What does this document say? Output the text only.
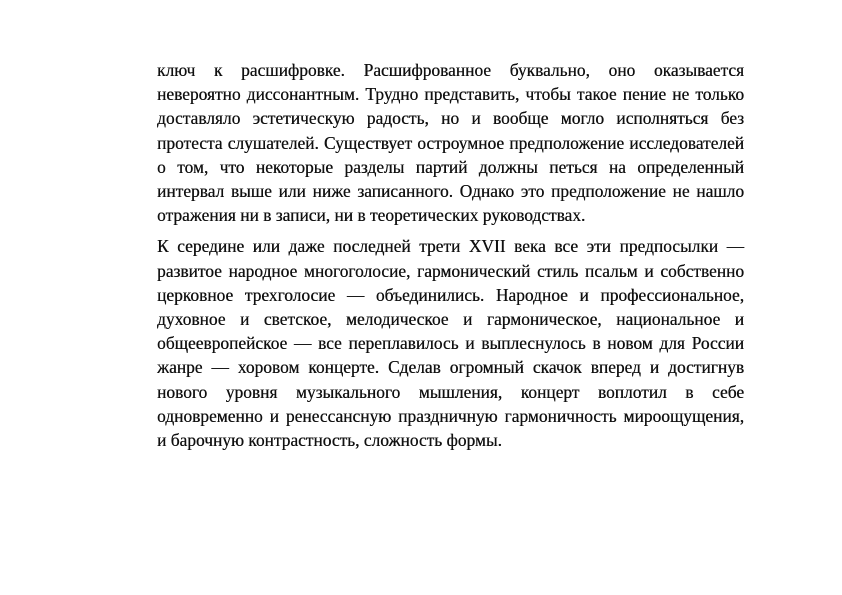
ключ к расшифровке. Расшифрованное буквально, оно оказывается невероятно диссонантным. Трудно представить, чтобы такое пение не только доставляло эстетическую радость, но и вообще могло исполняться без протеста слушателей. Существует остроумное предположение исследователей о том, что некоторые разделы партий должны петься на определенный интервал выше или ниже записанного. Однако это предположение не нашло отражения ни в записи, ни в теоретических руководствах.

К середине или даже последней трети XVII века все эти предпосылки — развитое народное многоголосие, гармонический стиль псальм и собственно церковное трехголосие — объединились. Народное и профессиональное, духовное и светское, мелодическое и гармоническое, национальное и общеевропейское — все переплавилось и выплеснулось в новом для России жанре — хоровом концерте. Сделав огромный скачок вперед и достигнув нового уровня музыкального мышления, концерт воплотил в себе одновременно и ренессансную праздничную гармоничность мироощущения, и барочную контрастность, сложность формы.
